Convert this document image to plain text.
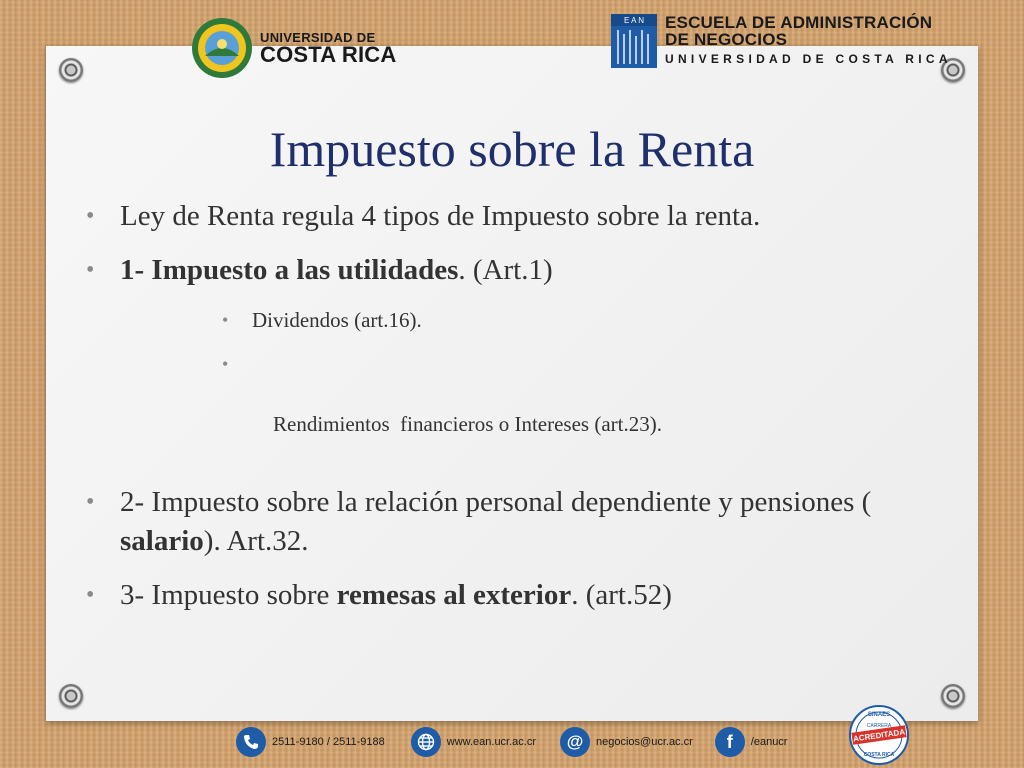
UNIVERSIDAD DE
COSTA RICA
E A N ESCUELA DE ADMINISTRACIÓN
DE NEGOCIOS
UNIVERSIDAD DE COSTA RICA
Impuesto sobre la Renta
• Ley de Renta regula 4 tipos de Impuesto sobre la renta.
• 1- Impuesto a las utilidades. (Art.1)
• Dividendos (art.16).

•

Rendimientos  financieros o Intereses (art.23).

• 2- Impuesto sobre la relación personal dependiente y pensiones ( salario). Art.32.
• 3- Impuesto sobre remesas al exterior. (art.52)
2511-9180 / 2511-9188	www.ean.ucr.ac.cr	@	negocios@ucr.ac.cr	f	/eanucr
SINAES
CARRERA
ACREDITADA
COSTA RICA
